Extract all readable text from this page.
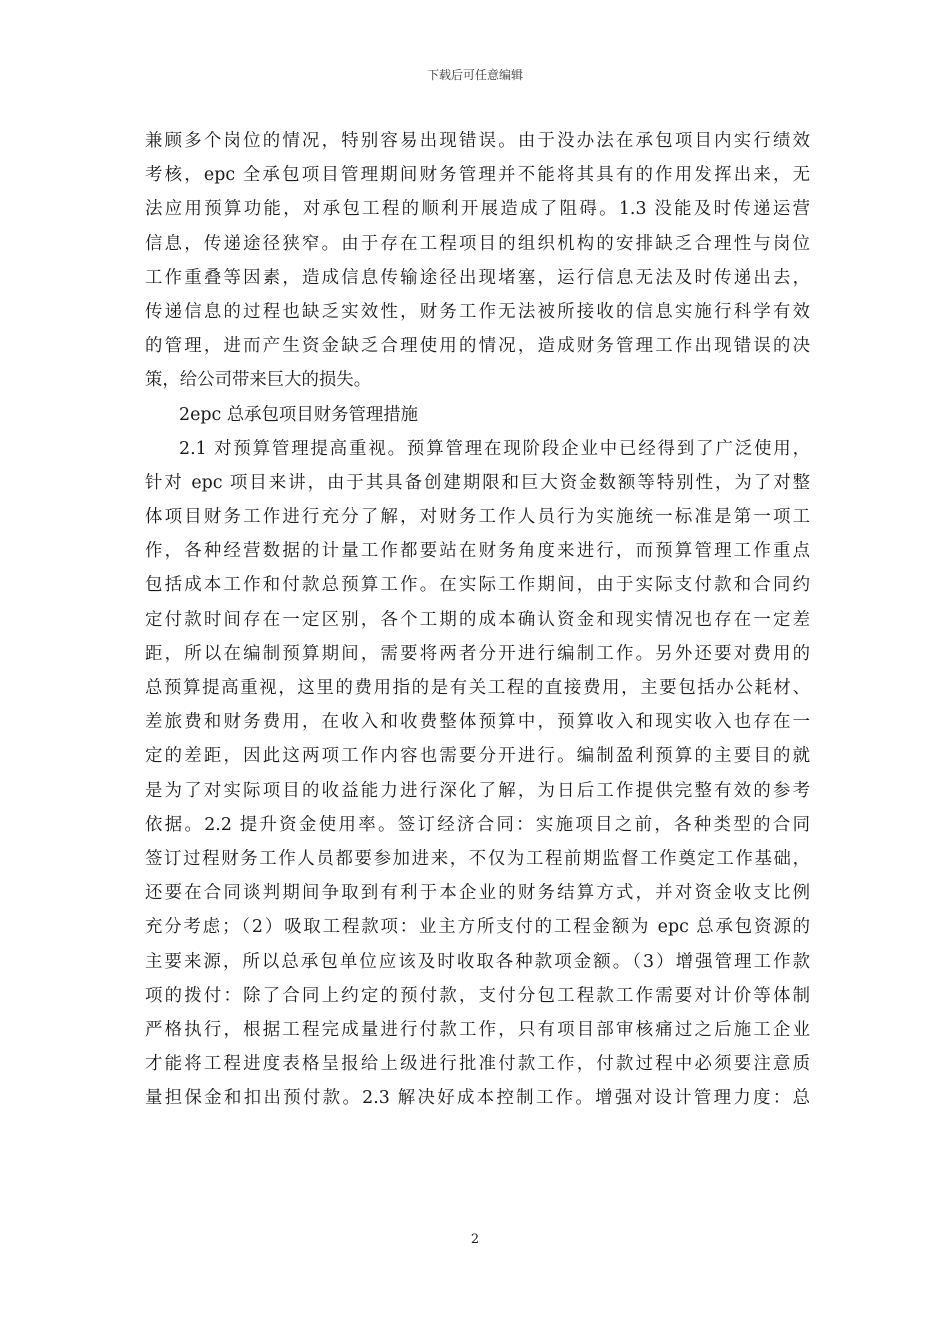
下载后可任意编辑
兼顾多个岗位的情况，特别容易出现错误。由于没办法在承包项目内实行绩效
考核，epc 全承包项目管理期间财务管理并不能将其具有的作用发挥出来，无
法应用预算功能，对承包工程的顺利开展造成了阻碍。1.3 没能及时传递运营
信息，传递途径狭窄。由于存在工程项目的组织机构的安排缺乏合理性与岗位
工作重叠等因素，造成信息传输途径出现堵塞，运行信息无法及时传递出去，
传递信息的过程也缺乏实效性，财务工作无法被所接收的信息实施行科学有效
的管理，进而产生资金缺乏合理使用的情况，造成财务管理工作出现错误的决
策，给公司带来巨大的损失。
2epc 总承包项目财务管理措施
2.1 对预算管理提高重视。预算管理在现阶段企业中已经得到了广泛使用，
针对 epc 项目来讲，由于其具备创建期限和巨大资金数额等特别性，为了对整
体项目财务工作进行充分了解，对财务工作人员行为实施统一标准是第一项工
作，各种经营数据的计量工作都要站在财务角度来进行，而预算管理工作重点
包括成本工作和付款总预算工作。在实际工作期间，由于实际支付款和合同约
定付款时间存在一定区别，各个工期的成本确认资金和现实情况也存在一定差
距，所以在编制预算期间，需要将两者分开进行编制工作。另外还要对费用的
总预算提高重视，这里的费用指的是有关工程的直接费用，主要包括办公耗材、
差旅费和财务费用，在收入和收费整体预算中，预算收入和现实收入也存在一
定的差距，因此这两项工作内容也需要分开进行。编制盈利预算的主要目的就
是为了对实际项目的收益能力进行深化了解，为日后工作提供完整有效的参考
依据。2.2 提升资金使用率。签订经济合同：实施项目之前，各种类型的合同
签订过程财务工作人员都要参加进来，不仅为工程前期监督工作奠定工作基础，
还要在合同谈判期间争取到有利于本企业的财务结算方式，并对资金收支比例
充分考虑；（2）吸取工程款项：业主方所支付的工程金额为 epc 总承包资源的
主要来源，所以总承包单位应该及时收取各种款项金额。（3）增强管理工作款
项的拨付：除了合同上约定的预付款，支付分包工程款工作需要对计价等体制
严格执行，根据工程完成量进行付款工作，只有项目部审核痛过之后施工企业
才能将工程进度表格呈报给上级进行批准付款工作，付款过程中必须要注意质
量担保金和扣出预付款。2.3 解决好成本控制工作。增强对设计管理力度：总
2
